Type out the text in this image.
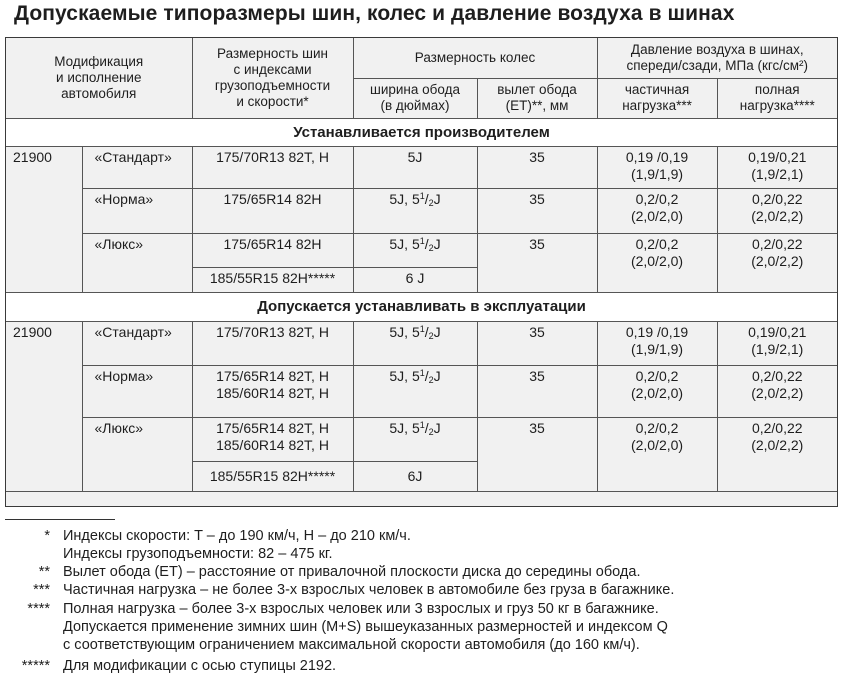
Допускаемые типоразмеры шин, колес и давление воздуха в шинах
Модификация
и исполнение
автомобиля		Размерность шин
с индексами
грузоподъемности
и скорости*	Размерность колес		Давление воздуха в шинах,
спереди/сзади, МПа (кгс/см²)	
			ширина обода
(в дюймах)	вылет обода
(ET)**, мм	частичная
нагрузка***	полная
нагрузка****
Устанавливается производителем						
21900	«Стандарт»	175/70R13 82T, H	5J	35	0,19 /0,19
(1,9/1,9)	0,19/0,21
(1,9/2,1)
	«Норма»	175/65R14 82H	5J, $5^1/2J$	35	0,2/0,2
(2,0/2,0)	0,2/0,22
(2,0/2,2)
	«Люкс»	175/65R14 82H	5J, $5^1/2J$	35	0,2/0,2
(2,0/2,0)	0,2/0,22
(2,0/2,2)
		185/55R15 82H*****	6 J			
Допускается устанавливать в эксплуатации						
21900	«Стандарт»	175/70R13 82T, H	5J, $5^1/2J$	35	0,19 /0,19
(1,9/1,9)	0,19/0,21
(1,9/2,1)
	«Норма»	175/65R14 82T, H
185/60R14 82T, H	5J, $5^1/2J$	35	0,2/0,2
(2,0/2,0)	0,2/0,22
(2,0/2,2)
	«Люкс»	175/65R14 82T, H
185/60R14 82T, H	5J, $5^1/2J$	35	0,2/0,2
(2,0/2,0)	0,2/0,22
(2,0/2,2)
		185/55R15 82H*****	6J			
* Индексы скорости: T – до 190 км/ч, H – до 210 км/ч.
Индексы грузоподъемности: 82 – 475 кг.
** Вылет обода (ET) – расстояние от привалочной плоскости диска до середины обода.
*** Частичная нагрузка – не более 3-х взрослых человек в автомобиле без груза в багажнике.
**** Полная нагрузка – более 3-х взрослых человек или 3 взрослых и груз 50 кг в багажнике.
Допускается применение зимних шин (M+S) вышеуказанных размерностей и индексом Q
с соответствующим ограничением максимальной скорости автомобиля (до 160 км/ч).
***** Для модификации с осью ступицы 2192.
